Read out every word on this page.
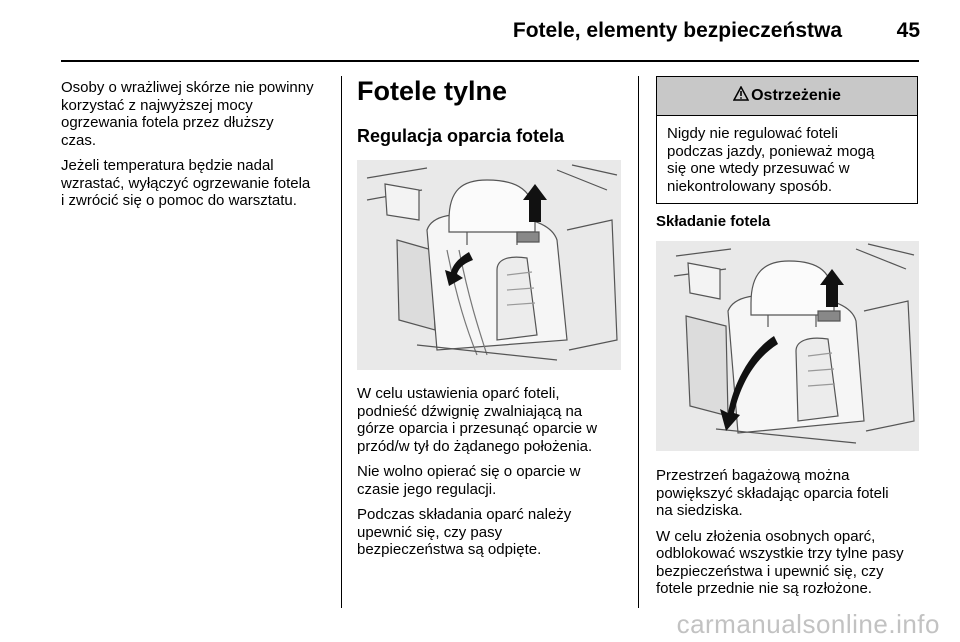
Fotele, elementy bezpieczeństwa	45

Osoby o wrażliwej skórze nie powinny
korzystać z najwyższej mocy
ogrzewania fotela przez dłuższy
czas.

Jeżeli temperatura będzie nadal
wzrastać, wyłączyć ogrzewanie fotela
i zwrócić się o pomoc do warsztatu.

Fotele tylne
Regulacja oparcia fotela

W celu ustawienia oparć foteli,
podnieść dźwignię zwalniającą na
górze oparcia i przesunąć oparcie w
przód/w tył do żądanego położenia.

Nie wolno opierać się o oparcie w
czasie jego regulacji.

Podczas składania oparć należy
upewnić się, czy pasy
bezpieczeństwa są odpięte.

Ostrzeżenie
Nigdy nie regulować foteli
podczas jazdy, ponieważ mogą
się one wtedy przesuwać w
niekontrolowany sposób.
Składanie fotela

Przestrzeń bagażową można
powiększyć składając oparcia foteli
na siedziska.

W celu złożenia osobnych oparć,
odblokować wszystkie trzy tylne pasy
bezpieczeństwa i upewnić się, czy
fotele przednie nie są rozłożone.

carmanualsonline.info
